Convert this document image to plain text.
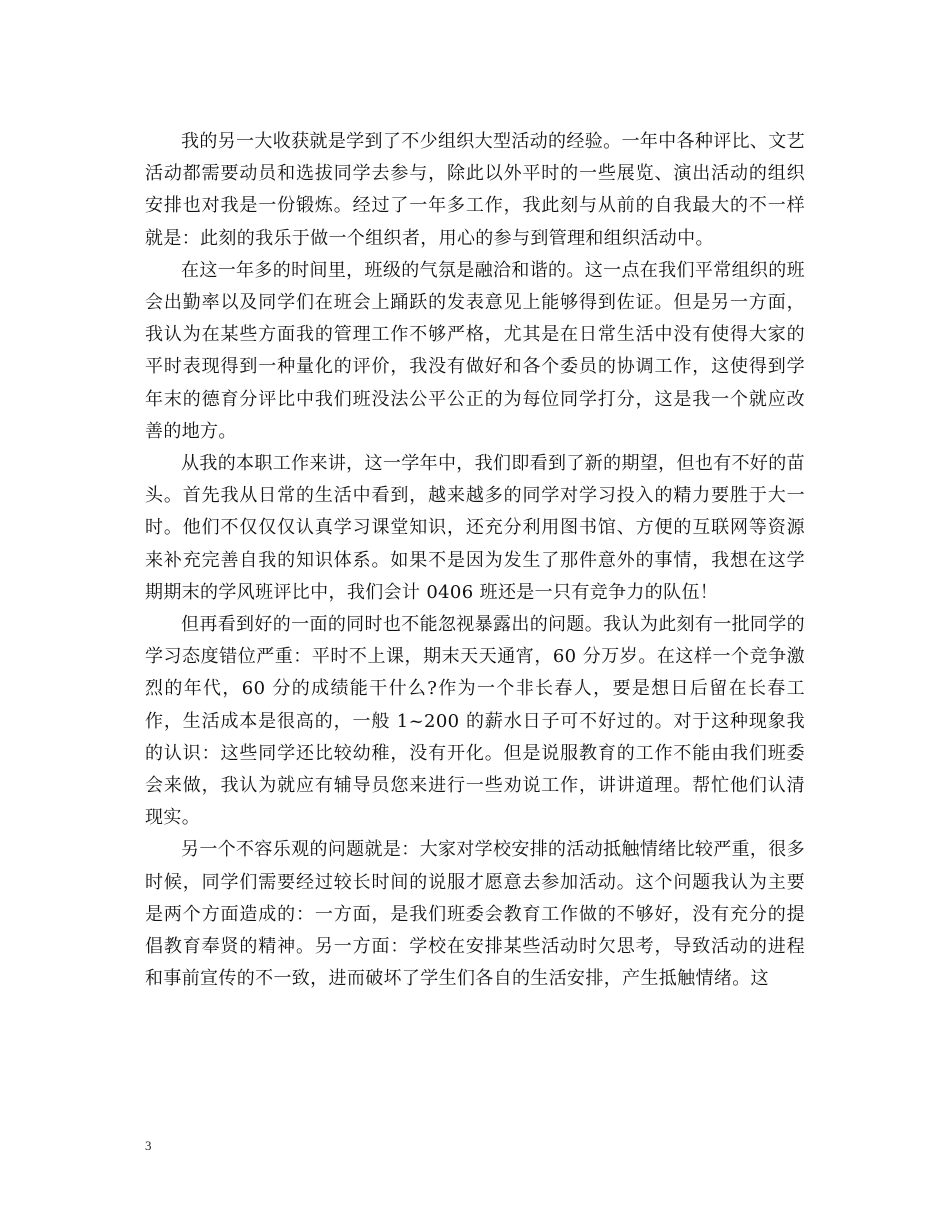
我的另一大收获就是学到了不少组织大型活动的经验。一年中各种评比、文艺活动都需要动员和选拔同学去参与，除此以外平时的一些展览、演出活动的组织安排也对我是一份锻炼。经过了一年多工作，我此刻与从前的自我最大的不一样就是：此刻的我乐于做一个组织者，用心的参与到管理和组织活动中。

在这一年多的时间里，班级的气氛是融洽和谐的。这一点在我们平常组织的班会出勤率以及同学们在班会上踊跃的发表意见上能够得到佐证。但是另一方面，我认为在某些方面我的管理工作不够严格，尤其是在日常生活中没有使得大家的平时表现得到一种量化的评价，我没有做好和各个委员的协调工作，这使得到学年末的德育分评比中我们班没法公平公正的为每位同学打分，这是我一个就应改善的地方。

从我的本职工作来讲，这一学年中，我们即看到了新的期望，但也有不好的苗头。首先我从日常的生活中看到，越来越多的同学对学习投入的精力要胜于大一时。他们不仅仅仅认真学习课堂知识，还充分利用图书馆、方便的互联网等资源来补充完善自我的知识体系。如果不是因为发生了那件意外的事情，我想在这学期期末的学风班评比中，我们会计 0406 班还是一只有竞争力的队伍！

但再看到好的一面的同时也不能忽视暴露出的问题。我认为此刻有一批同学的学习态度错位严重：平时不上课，期末天天通宵，60 分万岁。在这样一个竞争激烈的年代，60 分的成绩能干什么?作为一个非长春人，要是想日后留在长春工作，生活成本是很高的，一般 1~200 的薪水日子可不好过的。对于这种现象我的认识：这些同学还比较幼稚，没有开化。但是说服教育的工作不能由我们班委会来做，我认为就应有辅导员您来进行一些劝说工作，讲讲道理。帮忙他们认清现实。

另一个不容乐观的问题就是：大家对学校安排的活动抵触情绪比较严重，很多时候，同学们需要经过较长时间的说服才愿意去参加活动。这个问题我认为主要是两个方面造成的：一方面，是我们班委会教育工作做的不够好，没有充分的提倡教育奉贤的精神。另一方面：学校在安排某些活动时欠思考，导致活动的进程和事前宣传的不一致，进而破坏了学生们各自的生活安排，产生抵触情绪。这

3
